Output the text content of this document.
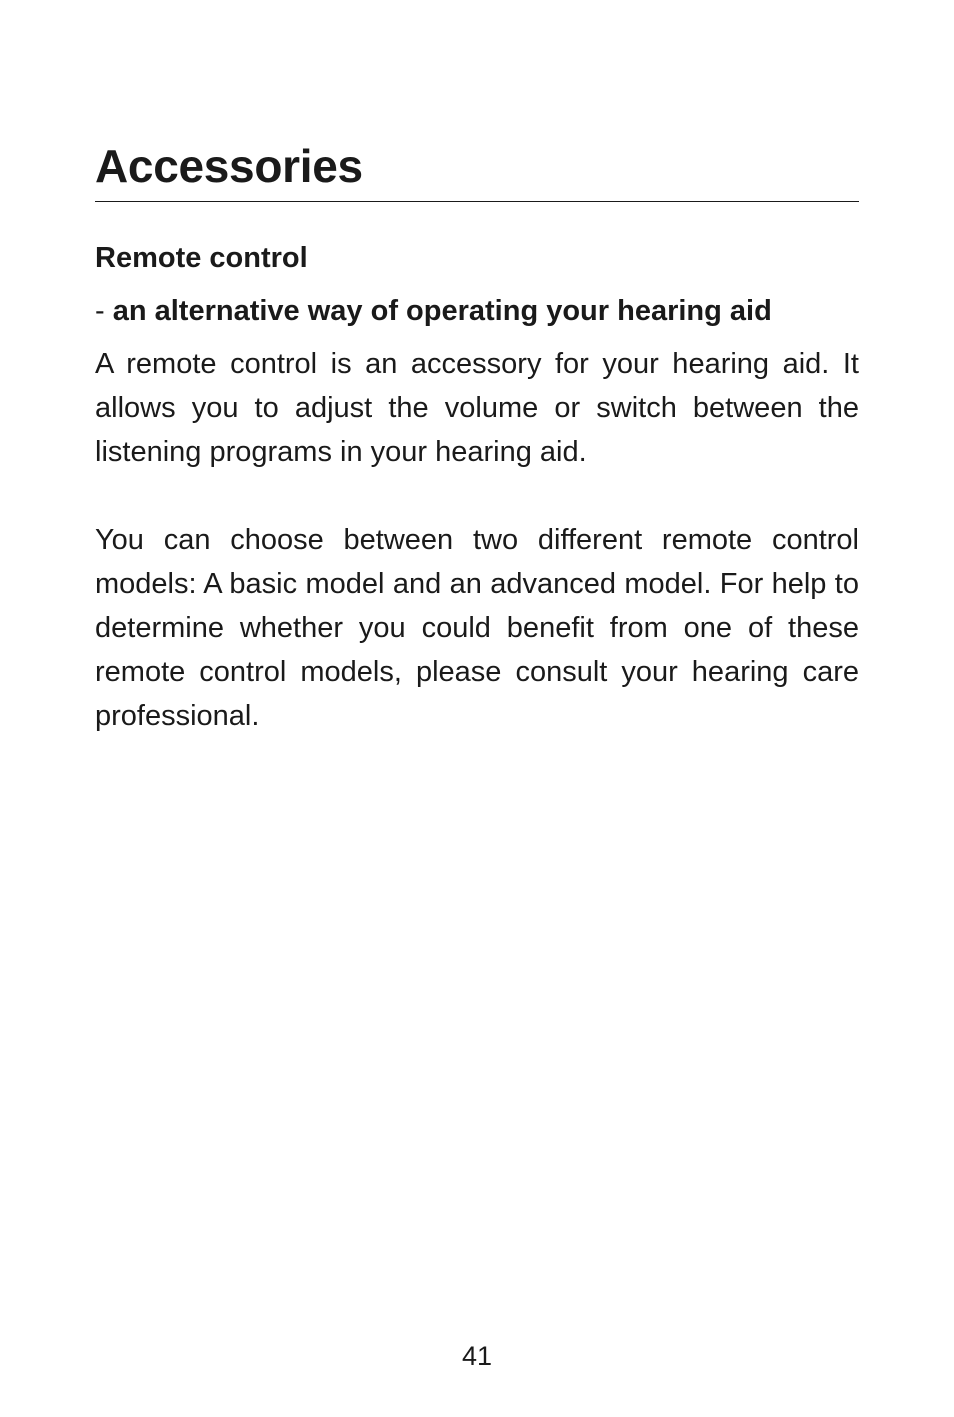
Accessories
Remote control
- an alternative way of operating your hearing aid

A remote control is an accessory for your hearing aid. It allows you to adjust the volume or switch between the listening programs in your hearing aid.

You can choose between two different remote control models: A basic model and an advanced model. For help to determine whether you could benefit from one of these remote control models, please consult your hearing care professional.

41
